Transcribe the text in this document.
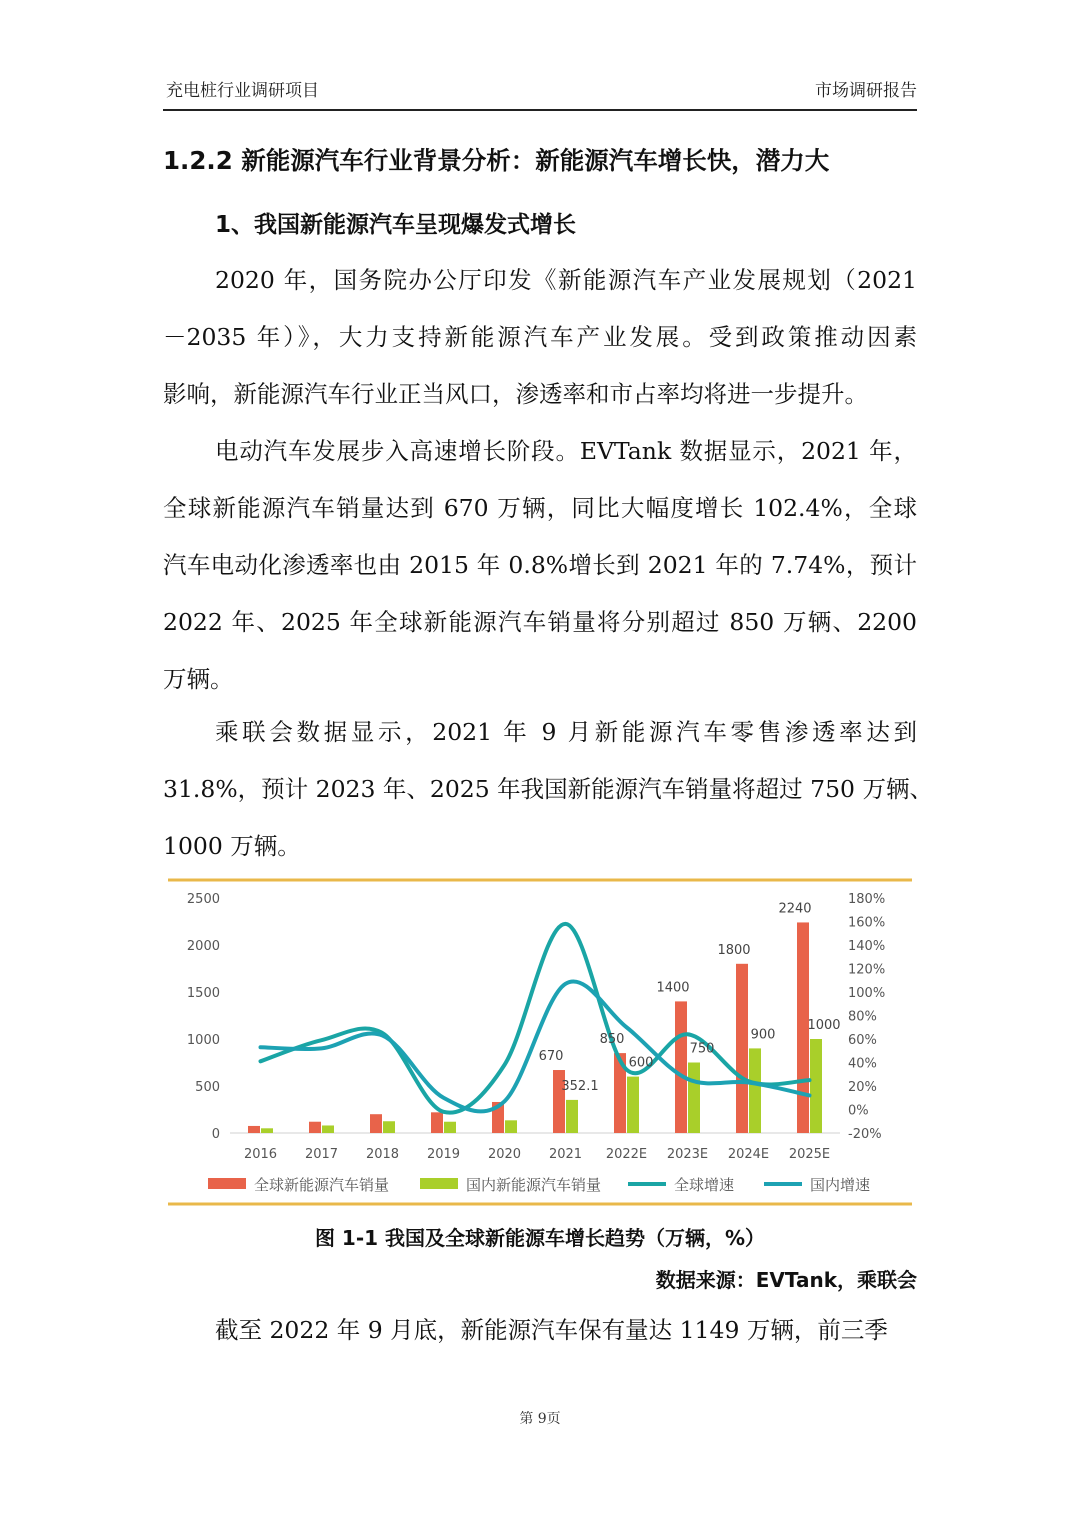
充电桩行业调研项目	市场调研报告
1.2.2 新能源汽车行业背景分析：新能源汽车增长快，潜力大
1、我国新能源汽车呈现爆发式增长
2020 年，国务院办公厅印发《新能源汽车产业发展规划（2021
－2035 年）》，大力支持新能源汽车产业发展。受到政策推动因素
影响，新能源汽车行业正当风口，渗透率和市占率均将进一步提升。
电动汽车发展步入高速增长阶段。EVTank 数据显示，2021 年，
全球新能源汽车销量达到 670 万辆，同比大幅度增长 102.4%，全球
汽车电动化渗透率也由 2015 年 0.8%增长到 2021 年的 7.74%，预计
2022 年、2025 年全球新能源汽车销量将分别超过 850 万辆、2200
万辆。
乘联会数据显示，2021 年 9 月新能源汽车零售渗透率达到
31.8%，预计 2023 年、2025 年我国新能源汽车销量将超过 750 万辆、
1000 万辆。
0
500
1000
1500
2000
2500
-20%
0%
20%
40%
60%
80%
100%
120%
140%
160%
180%
670
352.1
850
600
1400
750
1800
900
2240
1000
2016 2017 2018 2019 2020 2021 2022E 2023E 2024E 2025E
全球新能源汽车销量	国内新能源汽车销量	全球增速	国内增速
图 1-1 我国及全球新能源车增长趋势（万辆，%）
数据来源：EVTank，乘联会
截至 2022 年 9 月底，新能源汽车保有量达 1149 万辆，前三季
第 9页
